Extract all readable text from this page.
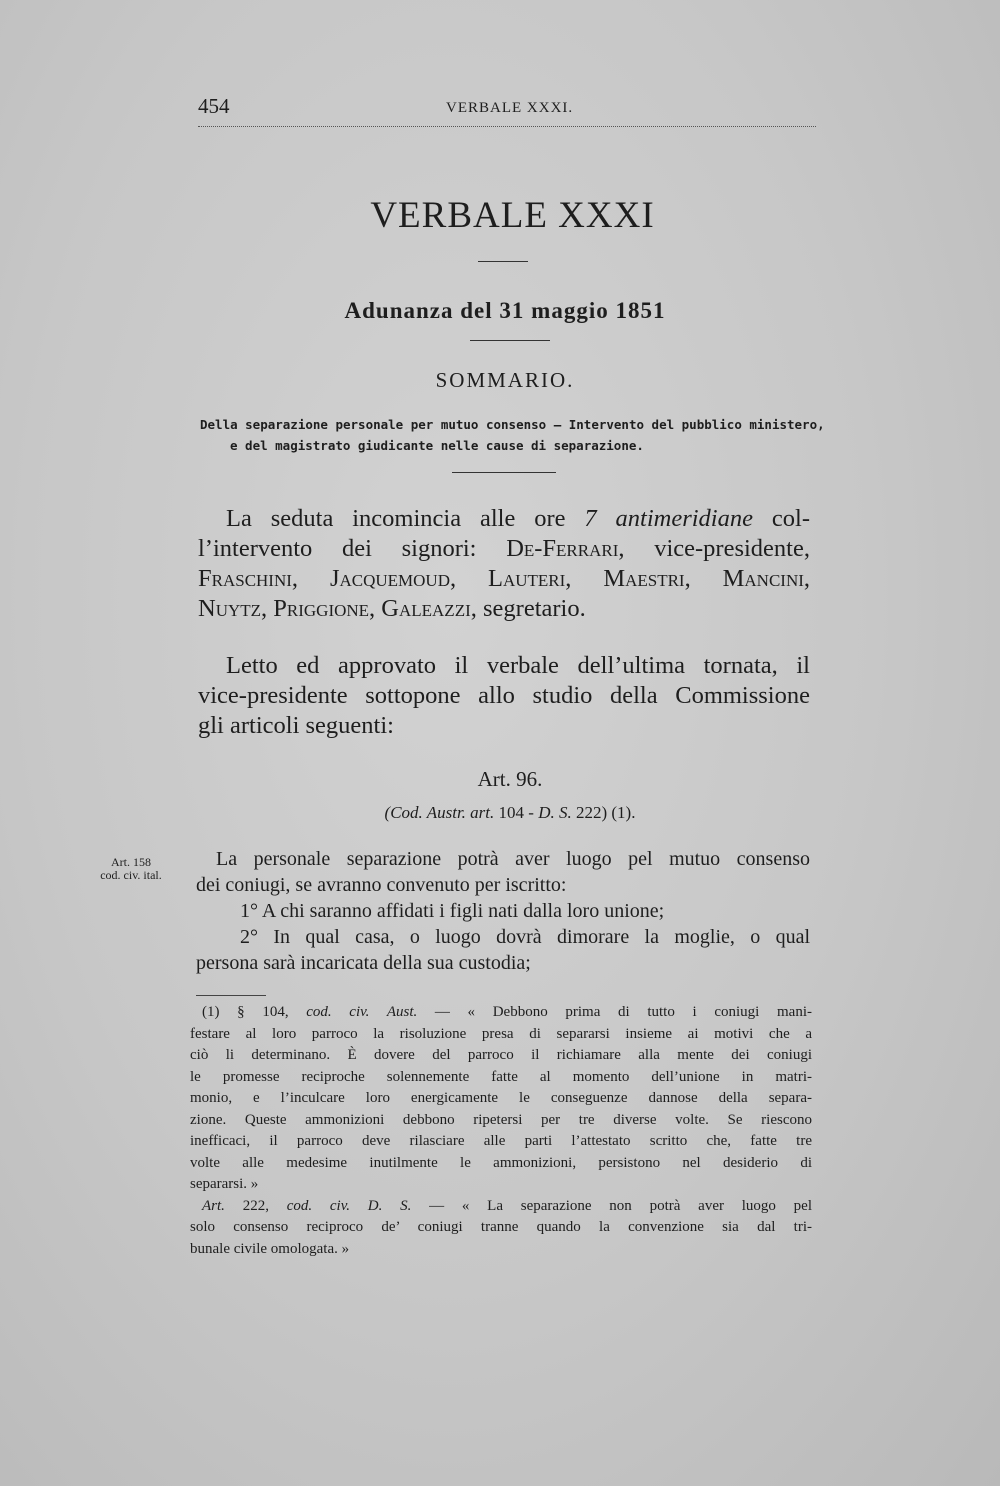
454	VERBALE XXXI.
VERBALE XXXI
Adunanza del 31 maggio 1851
SOMMARIO.
Della separazione personale per mutuo consenso — Intervento del pubblico ministero,
e del magistrato giudicante nelle cause di separazione.
La seduta incomincia alle ore 7 antimeridiane col-
l’intervento dei signori: De-Ferrari, vice-presidente,
Fraschini, Jacquemoud, Lauteri, Maestri, Mancini,
Nuytz, Priggione, Galeazzi, segretario.
Letto ed approvato il verbale dell’ultima tornata, il
vice-presidente sottopone allo studio della Commissione
gli articoli seguenti:
Art. 96.
(Cod. Austr. art. 104 - D. S. 222) (1).
Art. 158
cod. civ. ital.
La personale separazione potrà aver luogo pel mutuo consenso
dei coniugi, se avranno convenuto per iscritto:
1° A chi saranno affidati i figli nati dalla loro unione;
2° In qual casa, o luogo dovrà dimorare la moglie, o qual
persona sarà incaricata della sua custodia;
(1) § 104, cod. civ. Aust. — « Debbono prima di tutto i coniugi mani-
festare al loro parroco la risoluzione presa di separarsi insieme ai motivi che a
ciò li determinano. È dovere del parroco il richiamare alla mente dei coniugi
le promesse reciproche solennemente fatte al momento dell’unione in matri-
monio, e l’inculcare loro energicamente le conseguenze dannose della separa-
zione. Queste ammonizioni debbono ripetersi per tre diverse volte. Se riescono
inefficaci, il parroco deve rilasciare alle parti l’attestato scritto che, fatte tre
volte alle medesime inutilmente le ammonizioni, persistono nel desiderio di
separarsi. »
Art. 222, cod. civ. D. S. — « La separazione non potrà aver luogo pel
solo consenso reciproco de’ coniugi tranne quando la convenzione sia dal tri-
bunale civile omologata. »
